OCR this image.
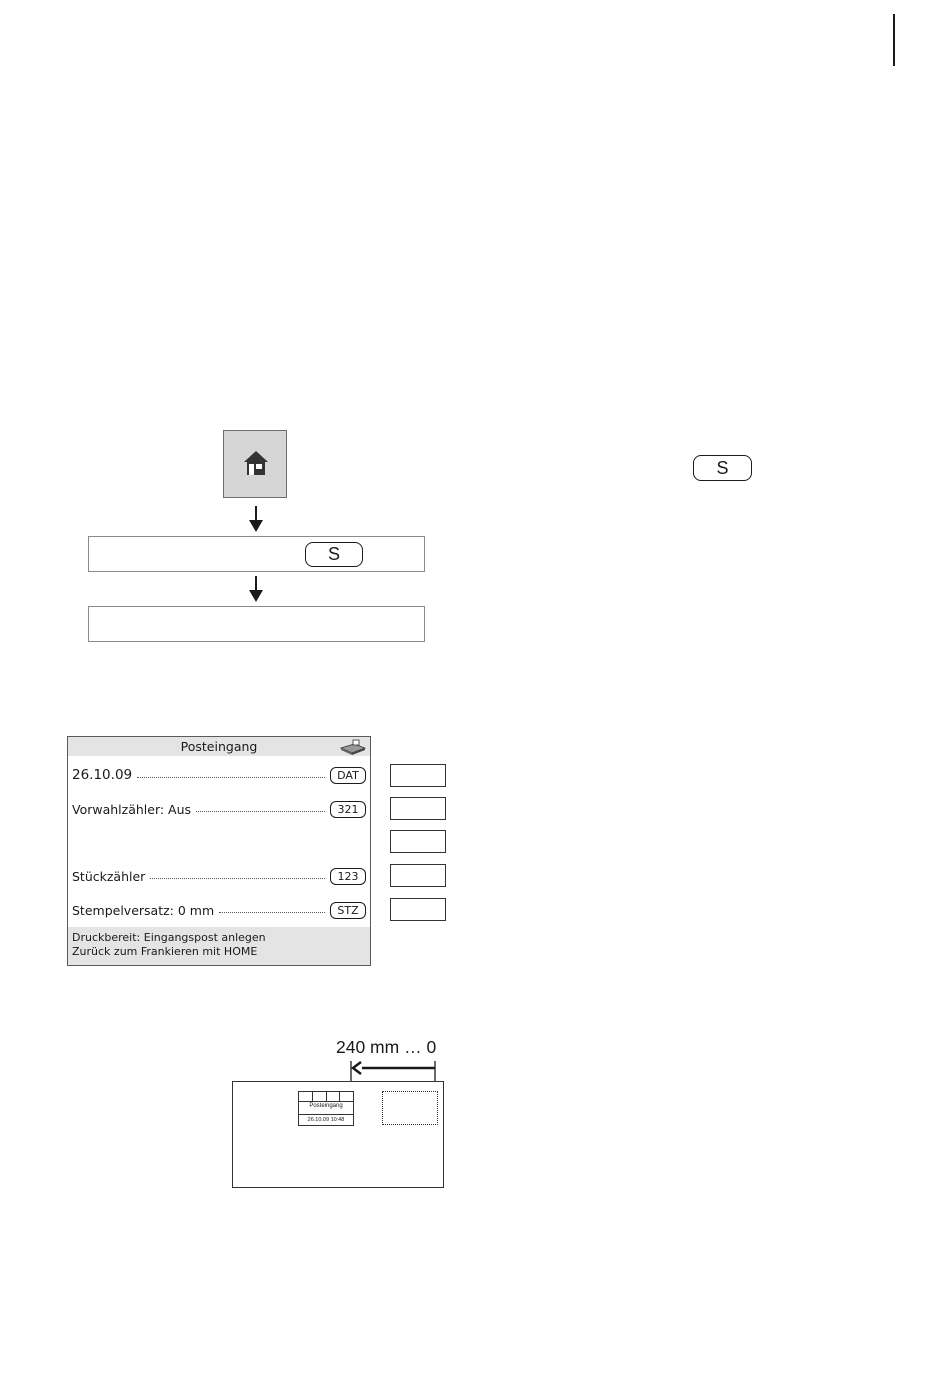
S
S
Posteingang
26.10.09	DAT
Vorwahlzähler: Aus	321
Stückzähler	123
Stempelversatz: 0 mm	STZ
Druckbereit: Eingangspost anlegen
Zurück zum Frankieren mit HOME
240 mm … 0
Posteingang
26.10.09 10:48
